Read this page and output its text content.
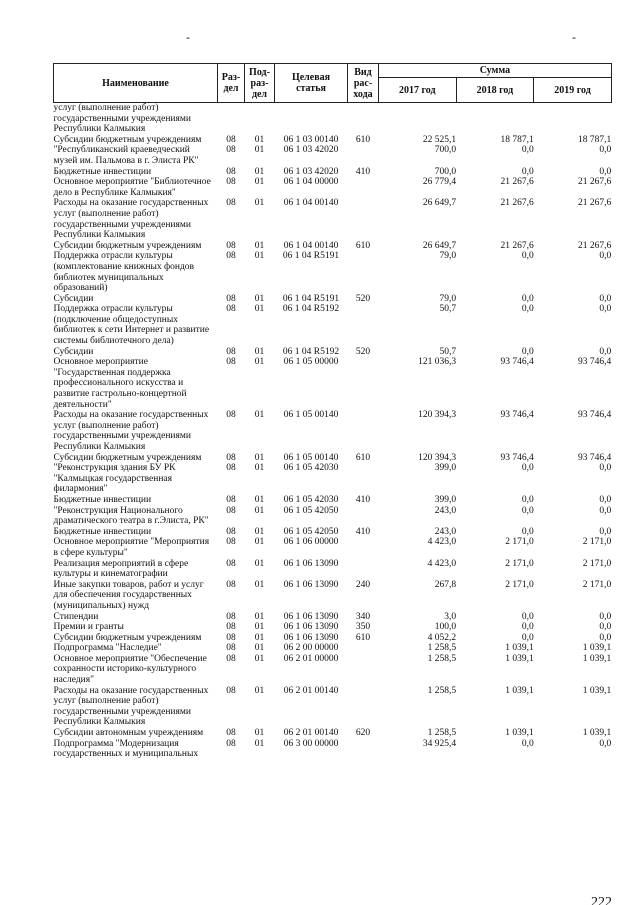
-	-
Наименование	Раз-дел	Под-раз-дел	Целевая статья	Вид рас-хода	Сумма		
					2017 год	2018 год	2019 год
услуг (выполнение работ) государственными учреждениями Республики Калмыкия							
Субсидии бюджетным учреждениям	08	01	06 1 03 00140	610	22 525,1	18 787,1	18 787,1
"Республиканский краеведческий музей им. Пальмова в г. Элиста РК"	08	01	06 1 03 42020		700,0	0,0	0,0
Бюджетные инвестиции	08	01	06 1 03 42020	410	700,0	0,0	0,0
Основное мероприятие "Библиотечное дело в Республике Калмыкия"	08	01	06 1 04 00000		26 779,4	21 267,6	21 267,6
Расходы на оказание государственных услуг (выполнение работ) государственными учреждениями Республики Калмыкия	08	01	06 1 04 00140		26 649,7	21 267,6	21 267,6
Субсидии бюджетным учреждениям	08	01	06 1 04 00140	610	26 649,7	21 267,6	21 267,6
Поддержка отрасли культуры (комплектование книжных фондов библиотек муниципальных образований)	08	01	06 1 04 R5191		79,0	0,0	0,0
Субсидии	08	01	06 1 04 R5191	520	79,0	0,0	0,0
Поддержка отрасли культуры (подключение общедоступных библиотек к сети Интернет и развитие системы библиотечного дела)	08	01	06 1 04 R5192		50,7	0,0	0,0
Субсидии	08	01	06 1 04 R5192	520	50,7	0,0	0,0
Основное мероприятие "Государственная поддержка профессионального искусства и развитие гастрольно-концертной деятельности"	08	01	06 1 05 00000		121 036,3	93 746,4	93 746,4
Расходы на оказание государственных услуг (выполнение работ) государственными учреждениями Республики Калмыкия	08	01	06 1 05 00140		120 394,3	93 746,4	93 746,4
Субсидии бюджетным учреждениям	08	01	06 1 05 00140	610	120 394,3	93 746,4	93 746,4
"Реконструкция здания БУ РК "Калмыцкая государственная филармония"	08	01	06 1 05 42030		399,0	0,0	0,0
Бюджетные инвестиции	08	01	06 1 05 42030	410	399,0	0,0	0,0
"Реконструкция Национального драматического театра в г.Элиста, РК"	08	01	06 1 05 42050		243,0	0,0	0,0
Бюджетные инвестиции	08	01	06 1 05 42050	410	243,0	0,0	0,0
Основное мероприятие "Мероприятия в сфере культуры"	08	01	06 1 06 00000		4 423,0	2 171,0	2 171,0
Реализация мероприятий в сфере культуры и кинематографии	08	01	06 1 06 13090		4 423,0	2 171,0	2 171,0
Иные закупки товаров, работ и услуг для обеспечения государственных (муниципальных) нужд	08	01	06 1 06 13090	240	267,8	2 171,0	2 171,0
Стипендии	08	01	06 1 06 13090	340	3,0	0,0	0,0
Премии и гранты	08	01	06 1 06 13090	350	100,0	0,0	0,0
Субсидии бюджетным учреждениям	08	01	06 1 06 13090	610	4 052,2	0,0	0,0
Подпрограмма "Наследие"	08	01	06 2 00 00000		1 258,5	1 039,1	1 039,1
Основное мероприятие "Обеспечение сохранности историко-культурного наследия"	08	01	06 2 01 00000		1 258,5	1 039,1	1 039,1
Расходы на оказание государственных услуг (выполнение работ) государственными учреждениями Республики Калмыкия	08	01	06 2 01 00140		1 258,5	1 039,1	1 039,1
Субсидии автономным учреждениям	08	01	06 2 01 00140	620	1 258,5	1 039,1	1 039,1
Подпрограмма "Модернизация государственных и муниципальных	08	01	06 3 00 00000		34 925,4	0,0	0,0
222
